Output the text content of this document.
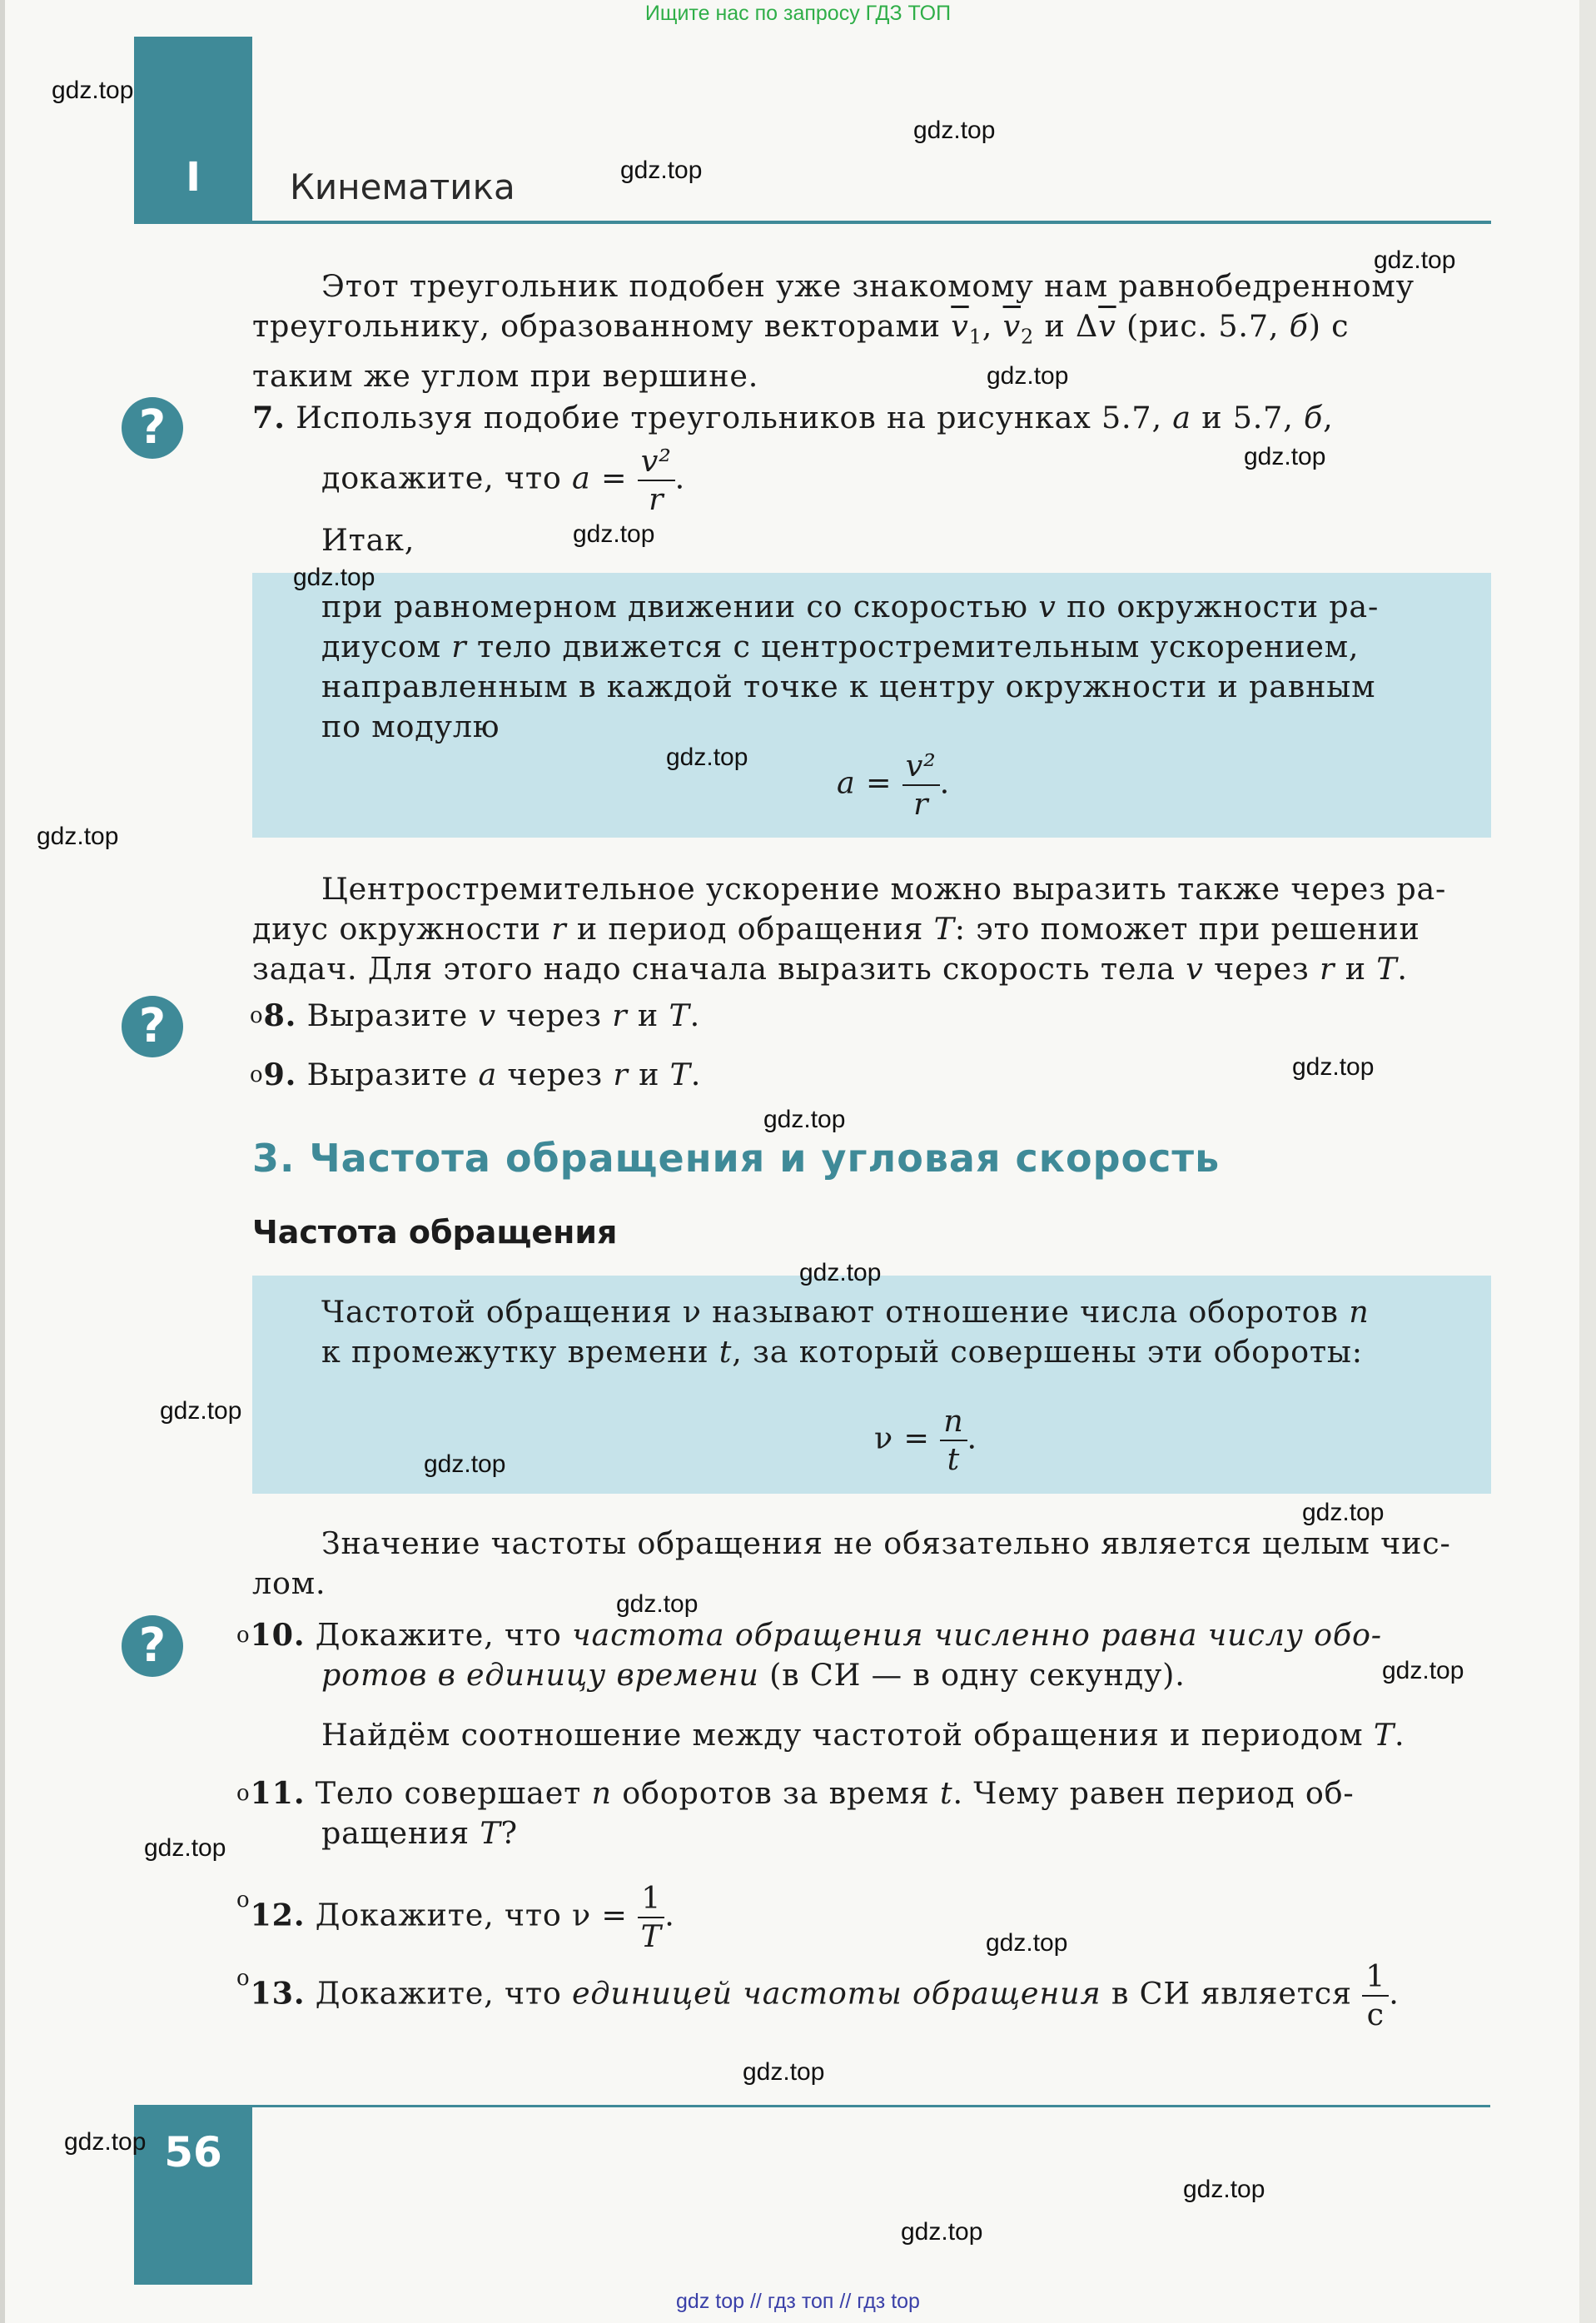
Ищите нас по запросу ГДЗ ТОП
I	Кинематика
Этот треугольник подобен уже знакомому нам равнобедренному
треугольнику, образованному векторами $\overline{v}_1$, $\overline{v}_2$ и $\Delta\overline{v}$ (рис. 5.7, б) с
таким же углом при вершине.
?	7. Используя подобие треугольников на рисунках 5.7, а и 5.7, б,
докажите, что $a = \frac{\text{v²}}{r}$ .
Итак,
при равномерном движении со скоростью v по окружности ра-
диусом r тело движется с центростремительным ускорением,
направленным в каждой точке к центру окружности и равным
по модулю
$a = \frac{\text{v²}}{r}$ .
Центростремительное ускорение можно выразить также через ра-
диус окружности r и период обращения T: это поможет при решении
задач. Для этого надо сначала выразить скорость тела v через r и T.
?	$^o$8. Выразите v через r и T.
$^o$9. Выразите a через r и T.
3. Частота обращения и угловая скорость
Частота обращения
Частотой обращения ν называют отношение числа оборотов n
к промежутку времени t, за который совершены эти обороты:
$\nu = \frac{n}{t}$ .
Значение частоты обращения не обязательно является целым чис-
лом.
?	$^o$10. Докажите, что частота обращения численно равна числу обо-
ротов в единицу времени (в СИ — в одну секунду).
Найдём соотношение между частотой обращения и периодом T.
$^o$11. Тело совершает n оборотов за время t. Чему равен период об-
ращения T?
$^o$12. Докажите, что $\nu = \frac{1}{T}$ .
$^o$13. Докажите, что единицей частоты обращения в СИ является $\frac{1}{с}$ .
56
gdz.top
gdz.top
gdz.top
gdz.top
gdz.top
gdz.top
gdz.top
gdz.top
gdz.top
gdz.top
gdz.top
gdz.top
gdz.top
gdz.top
gdz.top
gdz.top
gdz.top
gdz.top
gdz.top
gdz.top
gdz.top
gdz.top
gdz.top
gdz.top
gdz top // гдз топ // гдз top
